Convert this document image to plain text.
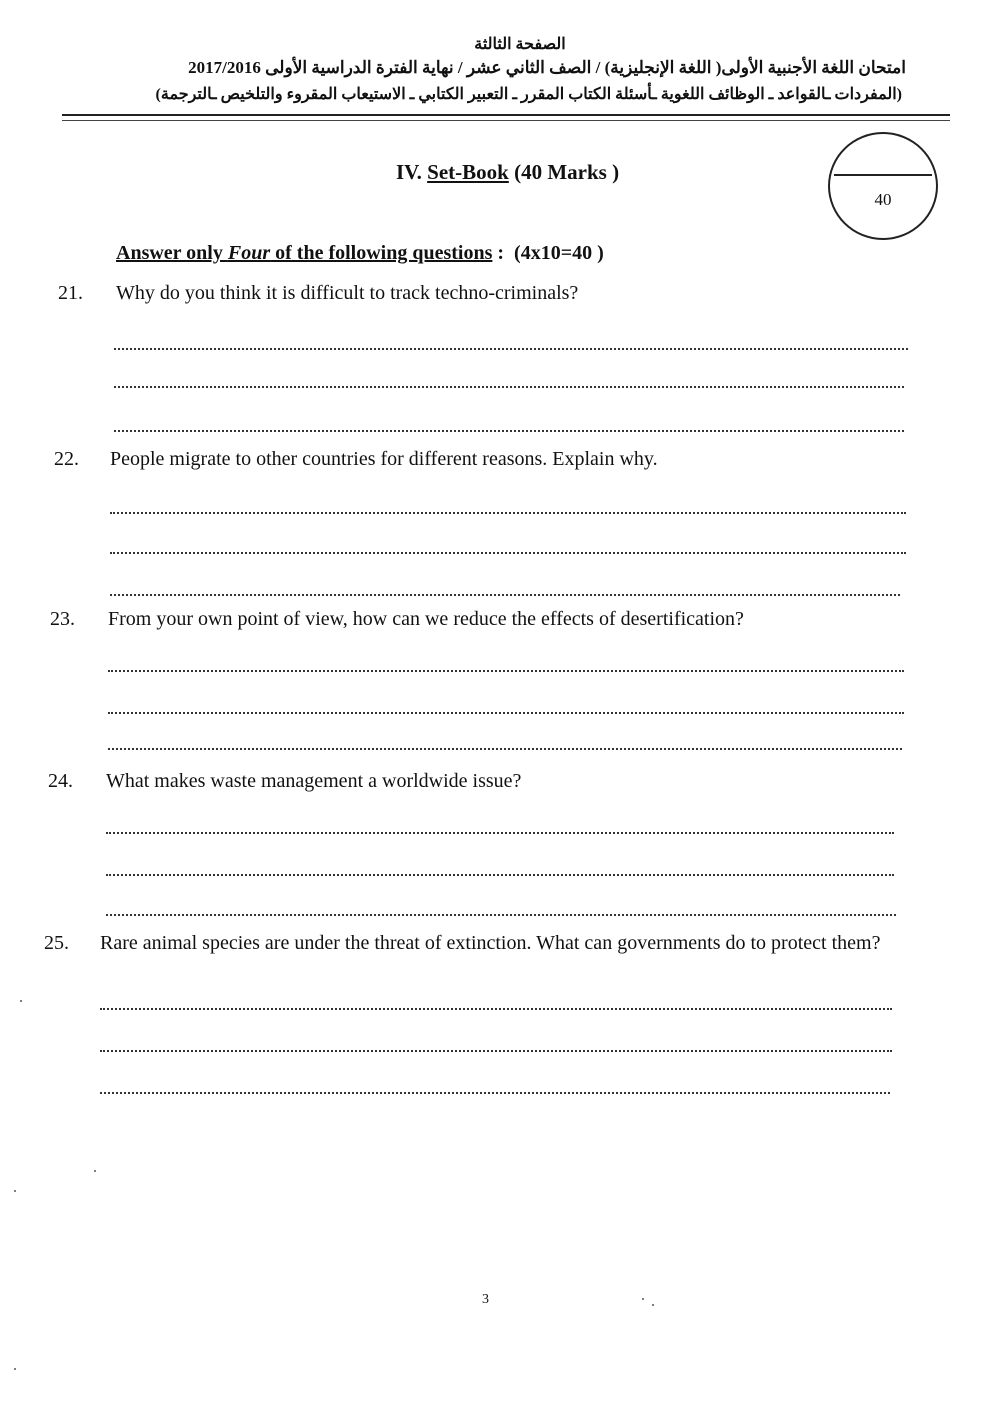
الصفحة الثالثة
امتحان اللغة الأجنبية الأولى( اللغة الإنجليزية) / الصف الثاني عشر / نهاية الفترة الدراسية الأولى 2017/2016
(المفردات ـالقواعد ـ الوظائف اللغوية ـأسئلة الكتاب المقرر ـ التعبير الكتابي ـ الاستيعاب المقروء والتلخيص ـالترجمة)
IV. Set-Book (40 Marks )
40
Answer only Four of the following questions : (4x10=40 )
21. Why do you think it is difficult to track techno-criminals?
22. People migrate to other countries for different reasons. Explain why.
23. From your own point of view, how can we reduce the effects of desertification?
24. What makes waste management a worldwide issue?
25. Rare animal species are under the threat of extinction. What can governments do to protect them?
3
